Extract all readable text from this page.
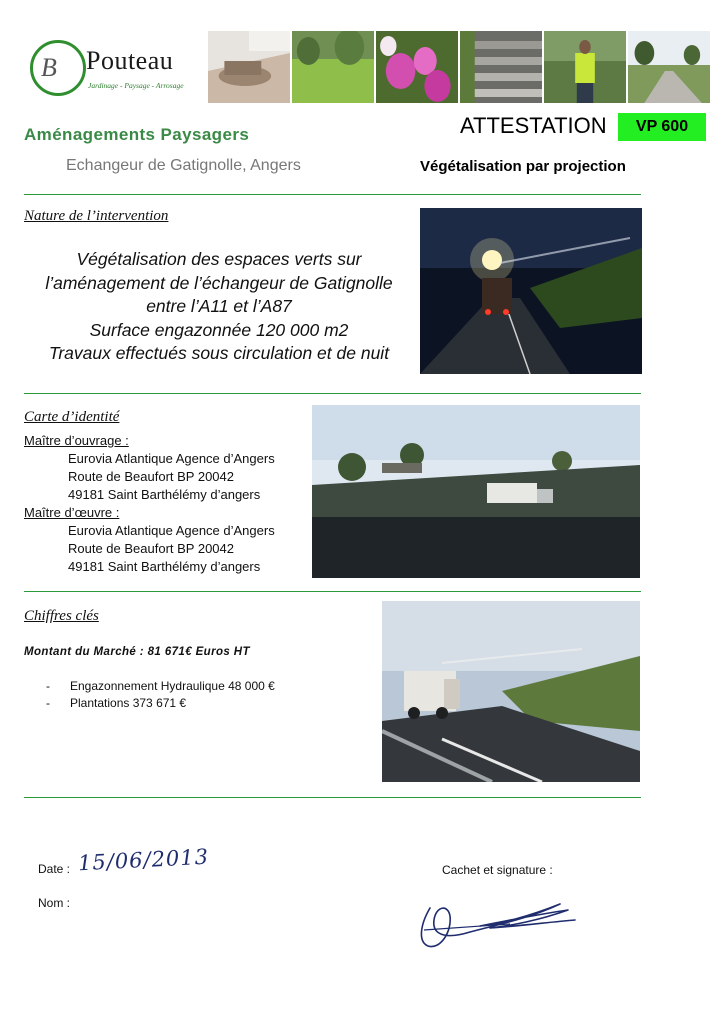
B Pouteau
Jardinage - Paysage - Arrosage
Aménagements Paysagers	ATTESTATION	VP 600
Echangeur de Gatignolle, Angers	Végétalisation par projection
Nature de l’intervention
Végétalisation des espaces verts sur
l’aménagement de l’échangeur de Gatignolle
entre l’A11 et l’A87
Surface engazonnée 120 000 m2
Travaux effectués sous circulation et de nuit
Carte d’identité
Maître d’ouvrage :
Eurovia Atlantique Agence d’Angers
Route de Beaufort BP 20042
49181 Saint Barthélémy d’angers
Maître d’œuvre :
Eurovia Atlantique Agence d’Angers
Route de Beaufort BP 20042
49181 Saint Barthélémy d’angers
Chiffres clés
Montant du Marché : 81 671€ Euros HT
-	Engazonnement Hydraulique 48 000 €
-	Plantations 373 671 €
Date : 15/06/2013
Nom :
Cachet et signature :
